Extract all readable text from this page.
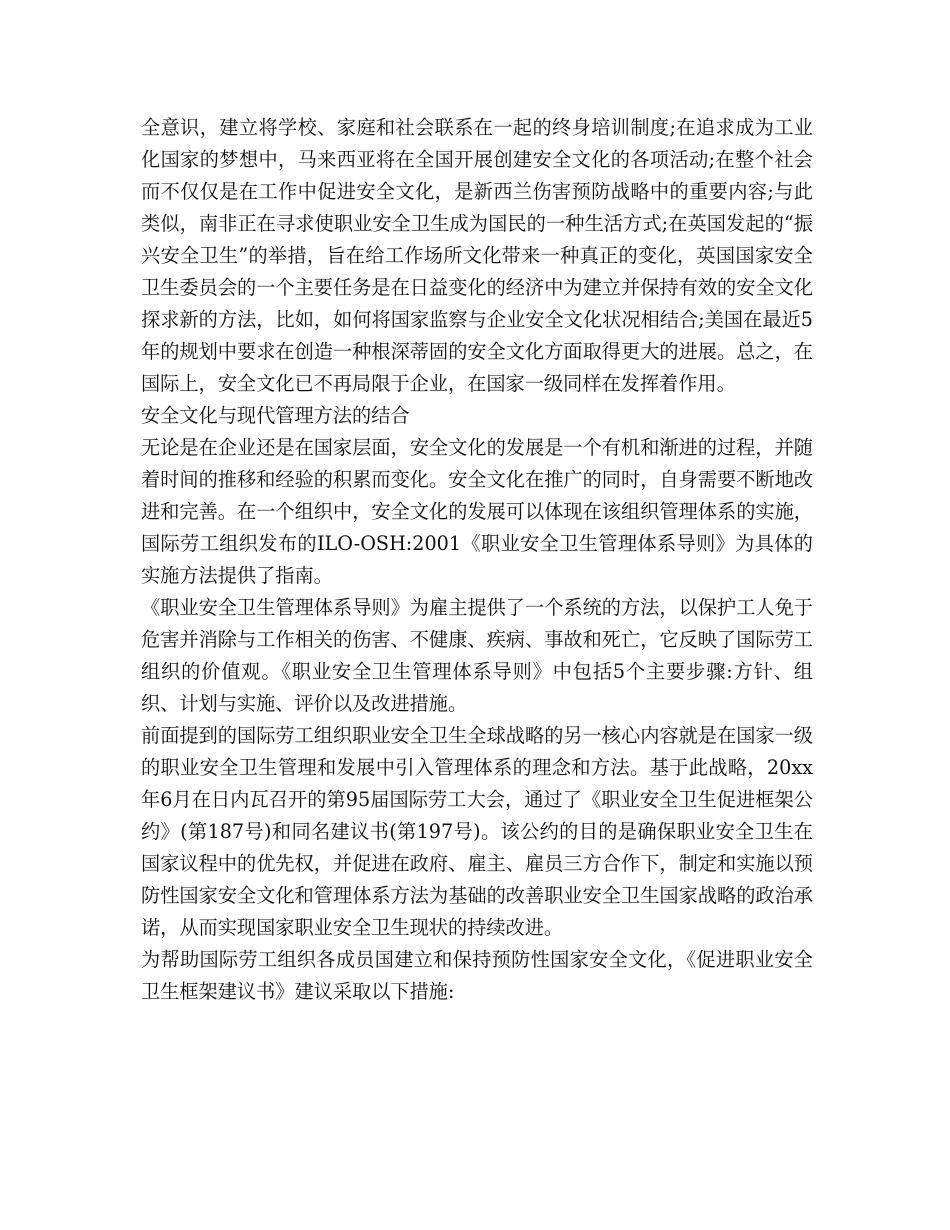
全意识，建立将学校、家庭和社会联系在一起的终身培训制度;在追求成为工业化国家的梦想中，马来西亚将在全国开展创建安全文化的各项活动;在整个社会而不仅仅是在工作中促进安全文化，是新西兰伤害预防战略中的重要内容;与此类似，南非正在寻求使职业安全卫生成为国民的一种生活方式;在英国发起的“振兴安全卫生”的举措，旨在给工作场所文化带来一种真正的变化，英国国家安全卫生委员会的一个主要任务是在日益变化的经济中为建立并保持有效的安全文化探求新的方法，比如，如何将国家监察与企业安全文化状况相结合;美国在最近5年的规划中要求在创造一种根深蒂固的安全文化方面取得更大的进展。总之，在国际上，安全文化已不再局限于企业，在国家一级同样在发挥着作用。

安全文化与现代管理方法的结合

无论是在企业还是在国家层面，安全文化的发展是一个有机和渐进的过程，并随着时间的推移和经验的积累而变化。安全文化在推广的同时，自身需要不断地改进和完善。在一个组织中，安全文化的发展可以体现在该组织管理体系的实施，国际劳工组织发布的ILO-OSH:2001《职业安全卫生管理体系导则》为具体的实施方法提供了指南。

《职业安全卫生管理体系导则》为雇主提供了一个系统的方法，以保护工人免于危害并消除与工作相关的伤害、不健康、疾病、事故和死亡，它反映了国际劳工组织的价值观。《职业安全卫生管理体系导则》中包括5个主要步骤:方针、组织、计划与实施、评价以及改进措施。

前面提到的国际劳工组织职业安全卫生全球战略的另一核心内容就是在国家一级的职业安全卫生管理和发展中引入管理体系的理念和方法。基于此战略，20xx年6月在日内瓦召开的第95届国际劳工大会，通过了《职业安全卫生促进框架公约》(第187号)和同名建议书(第197号)。该公约的目的是确保职业安全卫生在国家议程中的优先权，并促进在政府、雇主、雇员三方合作下，制定和实施以预防性国家安全文化和管理体系方法为基础的改善职业安全卫生国家战略的政治承诺，从而实现国家职业安全卫生现状的持续改进。

为帮助国际劳工组织各成员国建立和保持预防性国家安全文化，《促进职业安全卫生框架建议书》建议采取以下措施:
